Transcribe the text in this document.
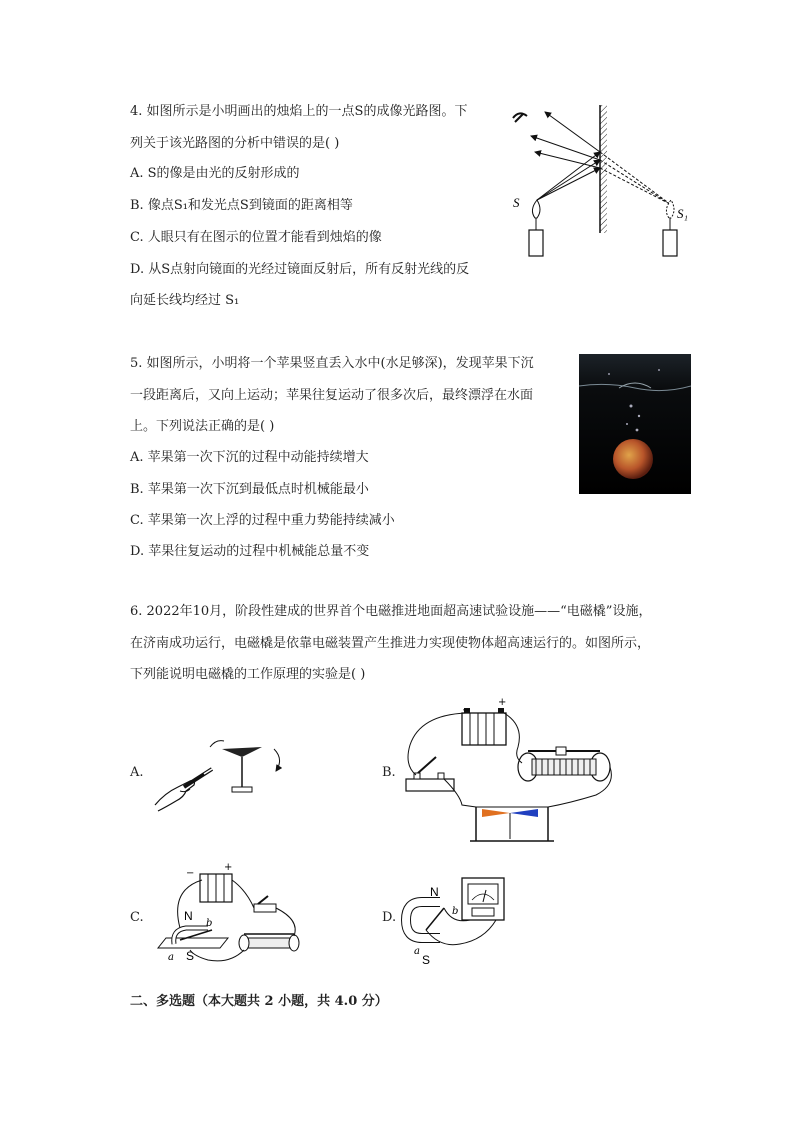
4. 如图所示是小明画出的烛焰上的一点S的成像光路图。下
列关于该光路图的分析中错误的是( )
A. S的像是由光的反射形成的
B. 像点S₁和发光点S到镜面的距离相等
C. 人眼只有在图示的位置才能看到烛焰的像
D. 从S点射向镜面的光经过镜面反射后，所有反射光线的反
向延长线均经过 S₁
S
S₁
5. 如图所示，小明将一个苹果竖直丢入水中(水足够深)，发现苹果下沉
一段距离后，又向上运动；苹果往复运动了很多次后，最终漂浮在水面
上。下列说法正确的是( )
A. 苹果第一次下沉的过程中动能持续增大
B. 苹果第一次下沉到最低点时机械能最小
C. 苹果第一次上浮的过程中重力势能持续减小
D. 苹果往复运动的过程中机械能总量不变
6. 2022年10月，阶段性建成的世界首个电磁推进地面超高速试验设施——“电磁橇”设施，
在济南成功运行，电磁橇是依靠电磁装置产生推进力实现使物体超高速运行的。如图所示，
下列能说明电磁橇的工作原理的实验是( )
A.	B.
C.	D.
+
−
+
−
N
S
a
b
N
S
a
b
二、多选题（本大题共 2 小题，共 4.0 分）
